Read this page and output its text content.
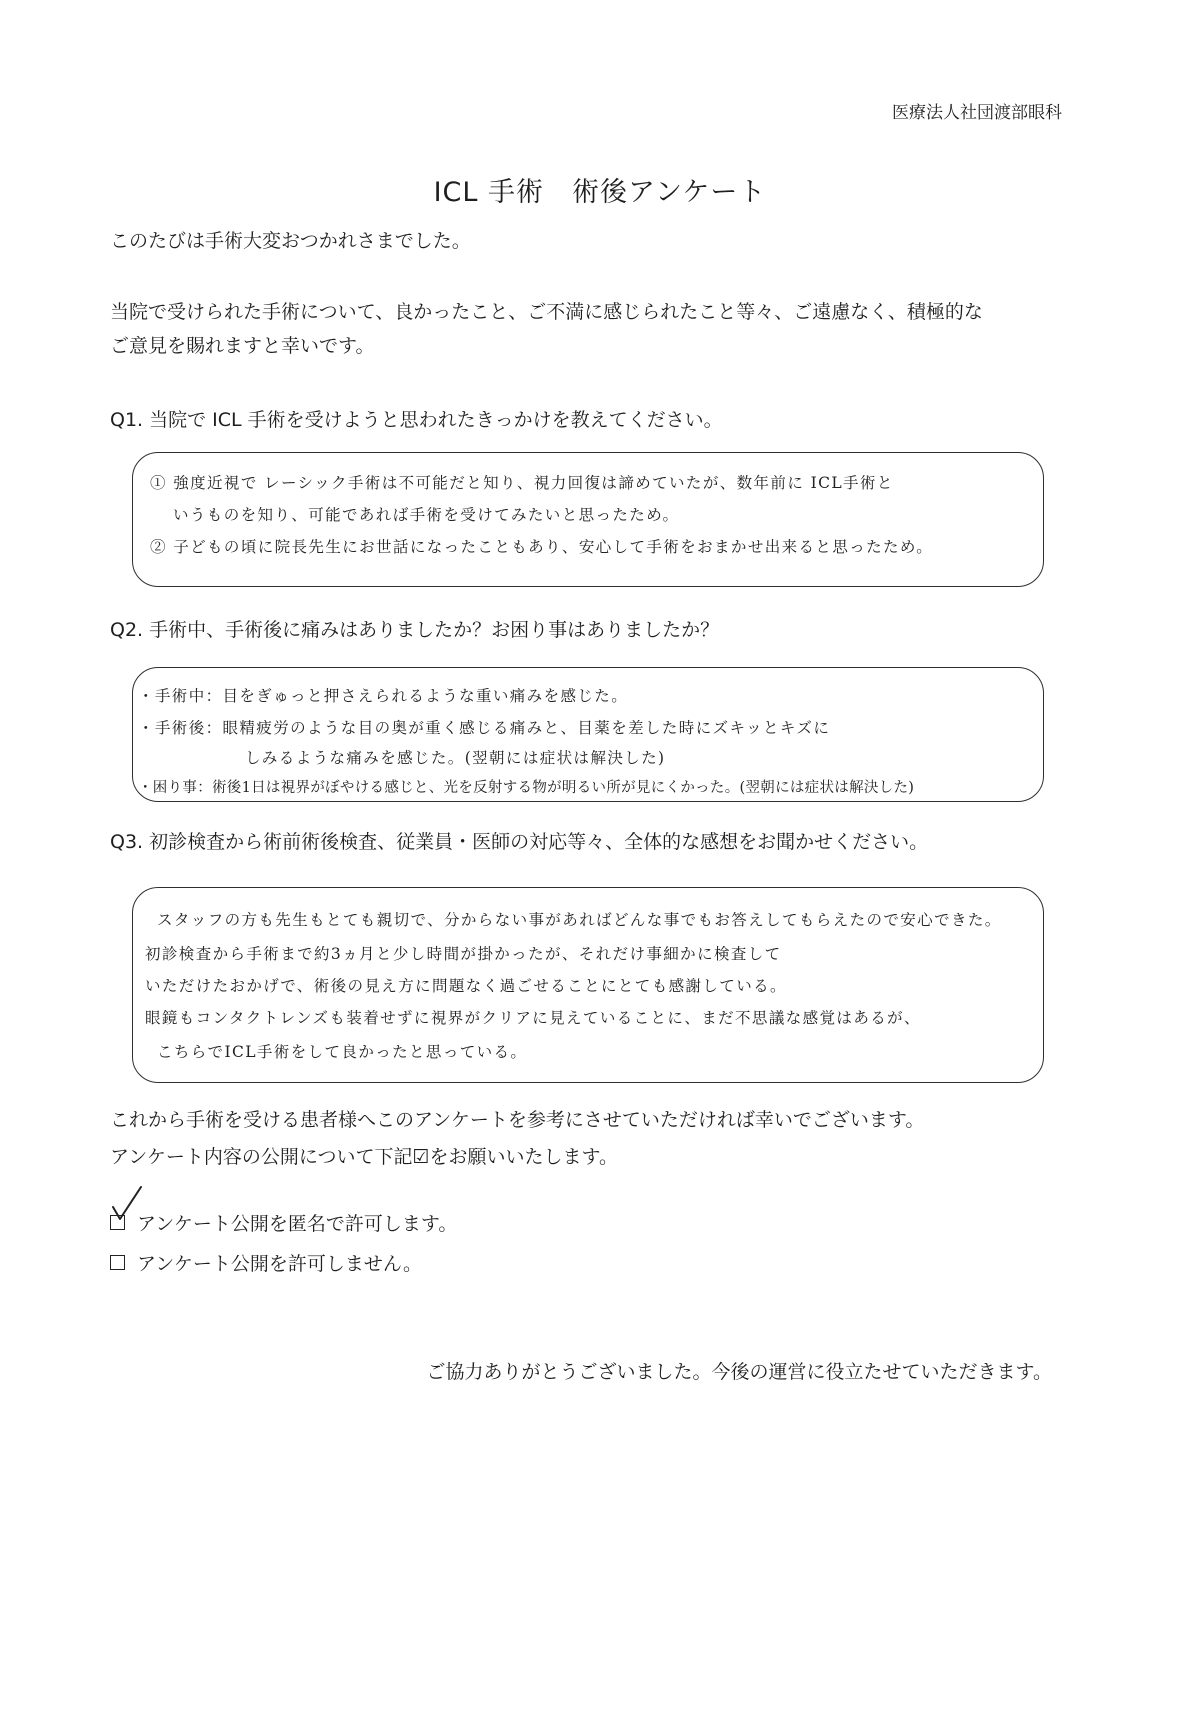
医療法人社団渡部眼科
ICL 手術　術後アンケート
このたびは手術大変おつかれさまでした。
当院で受けられた手術について、良かったこと、ご不満に感じられたこと等々、ご遠慮なく、積極的な
ご意見を賜れますと幸いです。
Q1. 当院で ICL 手術を受けようと思われたきっかけを教えてください。
① 強度近視で レーシック手術は不可能だと知り、視力回復は諦めていたが、数年前に ICL手術と
いうものを知り、可能であれば手術を受けてみたいと思ったため。
② 子どもの頃に院長先生にお世話になったこともあり、安心して手術をおまかせ出来ると思ったため。
Q2. 手術中、手術後に痛みはありましたか？お困り事はありましたか？
・手術中：目をぎゅっと押さえられるような重い痛みを感じた。
・手術後：眼精疲労のような目の奥が重く感じる痛みと、目薬を差した時にズキッとキズに
しみるような痛みを感じた。(翌朝には症状は解決した)
・困り事：術後1日は視界がぼやける感じと、光を反射する物が明るい所が見にくかった。(翌朝には症状は解決した)
Q3. 初診検査から術前術後検査、従業員・医師の対応等々、全体的な感想をお聞かせください。
スタッフの方も先生もとても親切で、分からない事があればどんな事でもお答えしてもらえたので安心できた。
初診検査から手術まで約3ヵ月と少し時間が掛かったが、それだけ事細かに検査して
いただけたおかげで、術後の見え方に問題なく過ごせることにとても感謝している。
眼鏡もコンタクトレンズも装着せずに視界がクリアに見えていることに、まだ不思議な感覚はあるが、
こちらでICL手術をして良かったと思っている。
これから手術を受ける患者様へこのアンケートを参考にさせていただければ幸いでございます。
アンケート内容の公開について下記☑をお願いいたします。
アンケート公開を匿名で許可します。
アンケート公開を許可しません。
ご協力ありがとうございました。今後の運営に役立たせていただきます。
